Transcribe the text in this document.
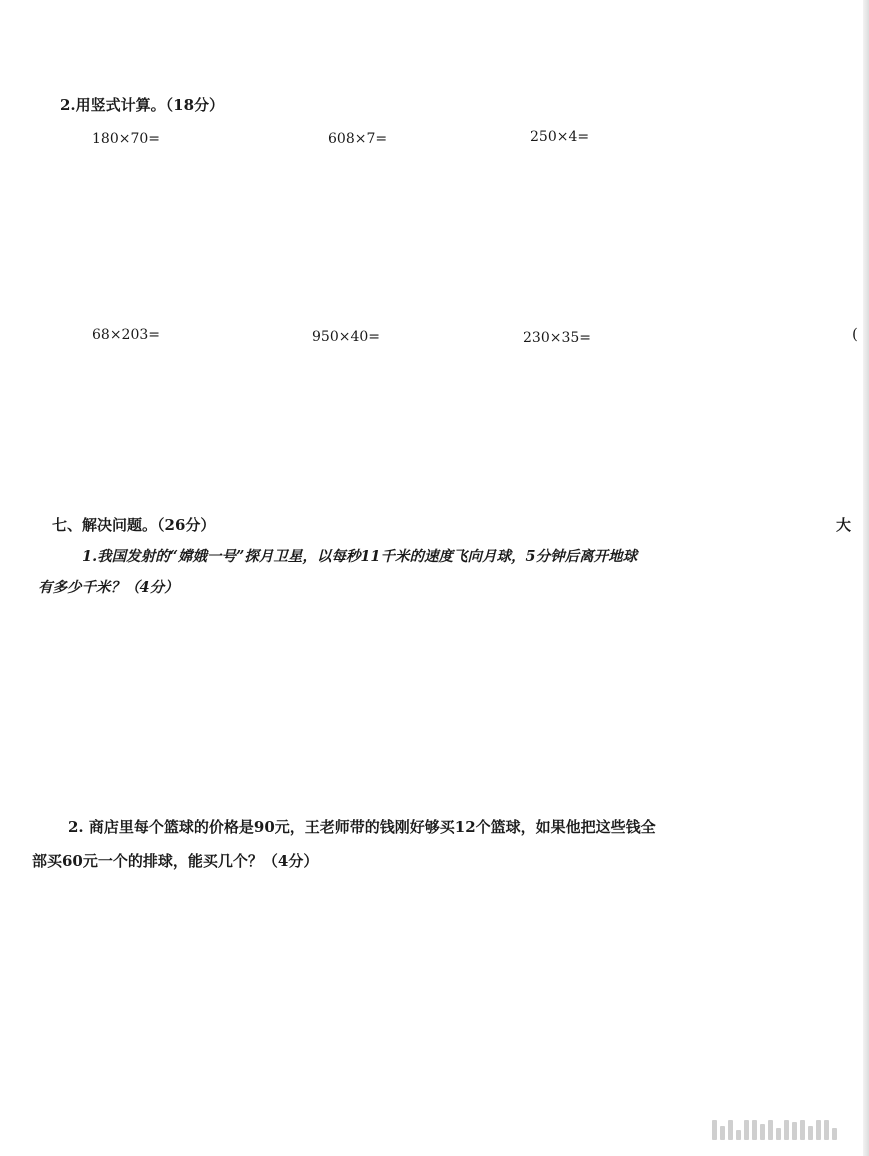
2.用竖式计算。（18分）
180×70=	608×7=	250×4=
68×203=	950×40=	230×35=	(
七、解决问题。（26分）	大
1.我国发射的“嫦娥一号”探月卫星，以每秒11千米的速度飞向月球，5分钟后离开地球
有多少千米？（4分）
2. 商店里每个篮球的价格是90元，王老师带的钱刚好够买12个篮球，如果他把这些钱全
部买60元一个的排球，能买几个？（4分）
